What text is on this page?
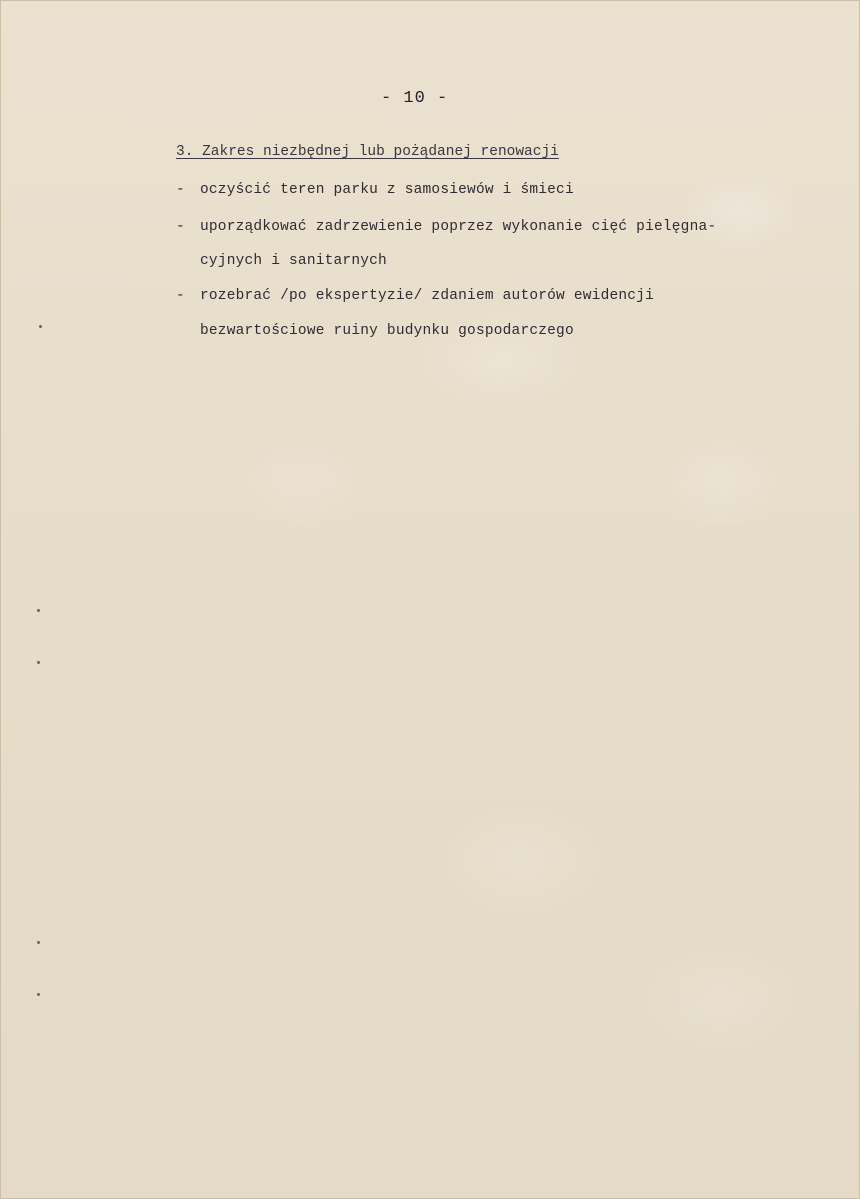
- 10 -
3. Zakres niezbędnej lub pożądanej renowacji
- oczyścić teren parku z samosiewów i śmieci
- uporządkować zadrzewienie poprzez wykonanie cięć pielęgna-
cyjnych i sanitarnych
- rozebrać /po ekspertyzie/ zdaniem autorów ewidencji
bezwartościowe ruiny budynku gospodarczego
